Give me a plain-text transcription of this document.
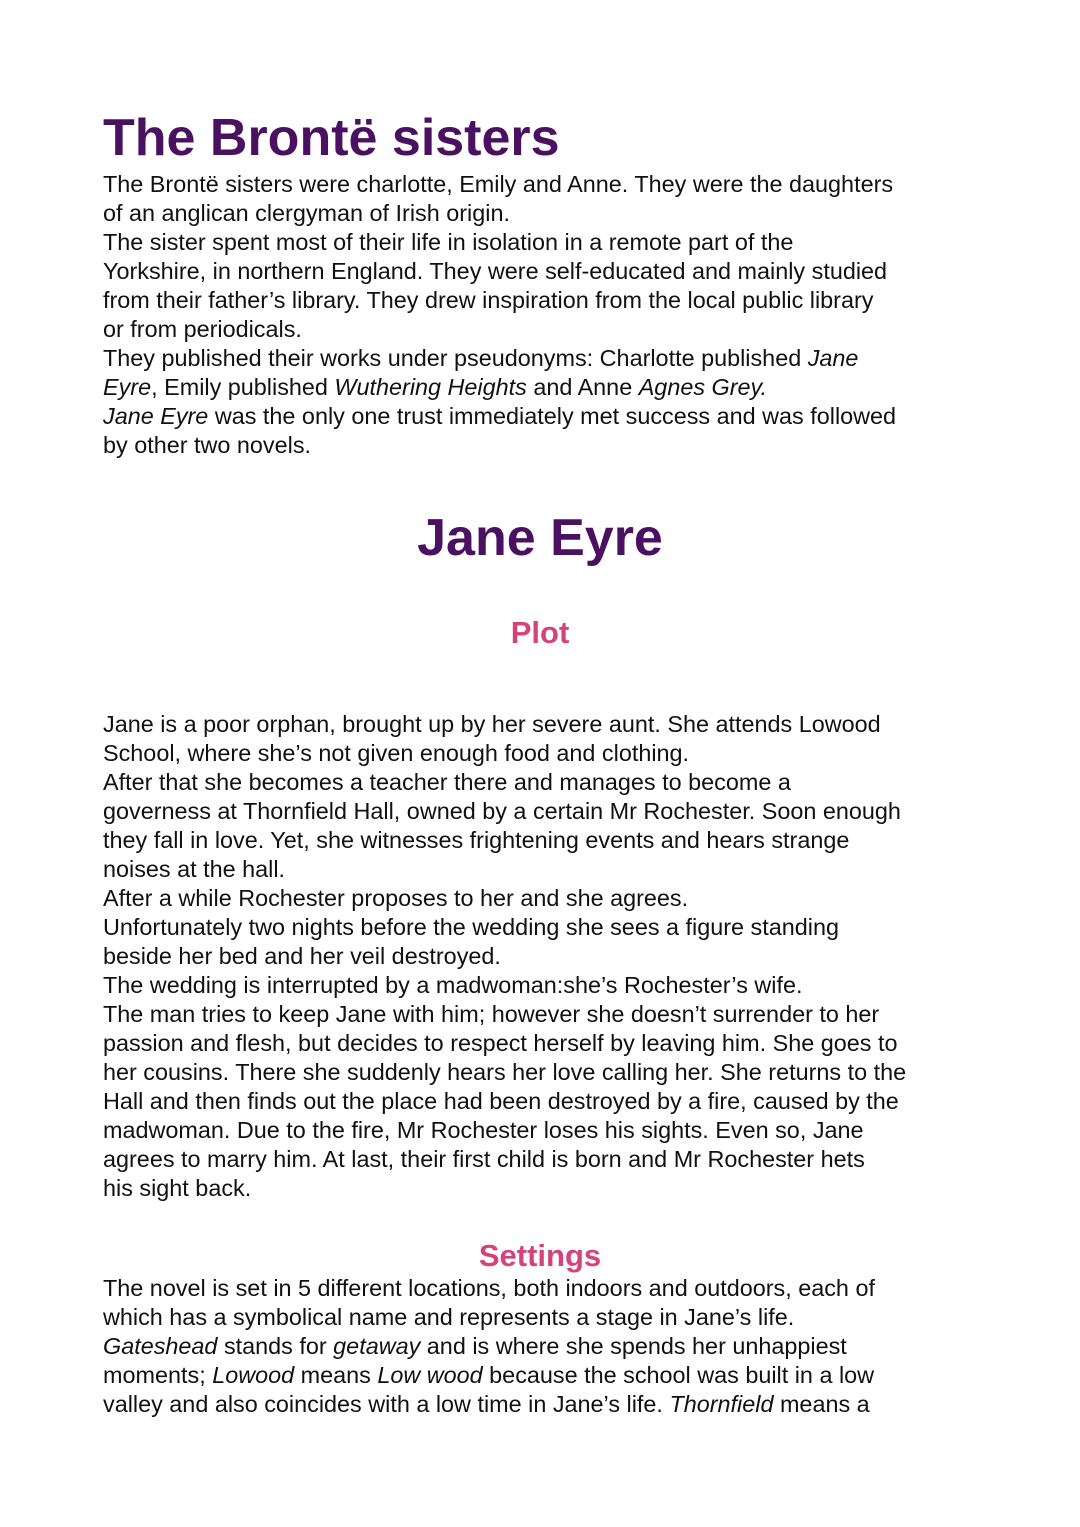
The Brontë sisters
The Brontë sisters were charlotte, Emily and Anne. They were the daughters
of an anglican clergyman of Irish origin.
The sister spent most of their life in isolation in a remote part of the
Yorkshire, in northern England. They were self-educated and mainly studied
from their father’s library. They drew inspiration from the local public library
or from periodicals.
They published their works under pseudonyms: Charlotte published Jane
Eyre, Emily published Wuthering Heights and Anne Agnes Grey.
Jane Eyre was the only one trust immediately met success and was followed
by other two novels.
Jane Eyre
Plot
Jane is a poor orphan, brought up by her severe aunt. She attends Lowood
School, where she’s not given enough food and clothing.
After that she becomes a teacher there and manages to become a
governess at Thornfield Hall, owned by a certain Mr Rochester. Soon enough
they fall in love. Yet, she witnesses frightening events and hears strange
noises at the hall.
After a while Rochester proposes to her and she agrees.
Unfortunately two nights before the wedding she sees a figure standing
beside her bed and her veil destroyed.
The wedding is interrupted by a madwoman:she’s Rochester’s wife.
The man tries to keep Jane with him; however she doesn’t surrender to her
passion and flesh, but decides to respect herself by leaving him. She goes to
her cousins. There she suddenly hears her love calling her. She returns to the
Hall and then finds out the place had been destroyed by a fire, caused by the
madwoman. Due to the fire, Mr Rochester loses his sights. Even so, Jane
agrees to marry him. At last, their first child is born and Mr Rochester hets
his sight back.
Settings
The novel is set in 5 different locations, both indoors and outdoors, each of
which has a symbolical name and represents a stage in Jane’s life.
Gateshead stands for getaway and is where she spends her unhappiest
moments; Lowood means Low wood because the school was built in a low
valley and also coincides with a low time in Jane’s life. Thornfield means a
